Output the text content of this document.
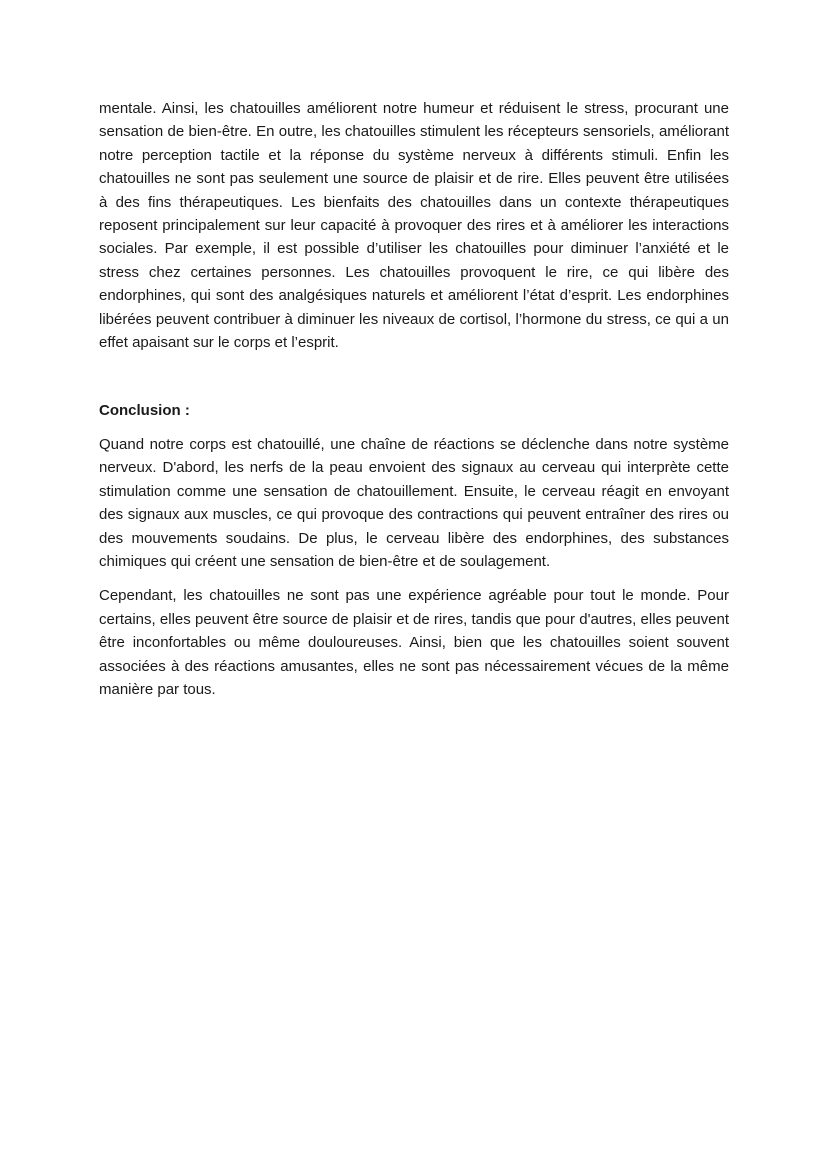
mentale. Ainsi, les chatouilles améliorent notre humeur et réduisent le stress, procurant une sensation de bien-être. En outre, les chatouilles stimulent les récepteurs sensoriels, améliorant notre perception tactile et la réponse du système nerveux à différents stimuli. Enfin les chatouilles ne sont pas seulement une source de plaisir et de rire. Elles peuvent être utilisées à des fins thérapeutiques. Les bienfaits des chatouilles dans un contexte thérapeutiques reposent principalement sur leur capacité à provoquer des rires et à améliorer les interactions sociales. Par exemple, il est possible d’utiliser les chatouilles pour diminuer l’anxiété et le stress chez certaines personnes. Les chatouilles provoquent le rire, ce qui libère des endorphines, qui sont des analgésiques naturels et améliorent l’état d’esprit. Les endorphines libérées peuvent contribuer à diminuer les niveaux de cortisol, l’hormone du stress, ce qui a un effet apaisant sur le corps et l’esprit.

Conclusion :

Quand notre corps est chatouillé, une chaîne de réactions se déclenche dans notre système nerveux. D'abord, les nerfs de la peau envoient des signaux au cerveau qui interprète cette stimulation comme une sensation de chatouillement. Ensuite, le cerveau réagit en envoyant des signaux aux muscles, ce qui provoque des contractions qui peuvent entraîner des rires ou des mouvements soudains. De plus, le cerveau libère des endorphines, des substances chimiques qui créent une sensation de bien-être et de soulagement.

Cependant, les chatouilles ne sont pas une expérience agréable pour tout le monde. Pour certains, elles peuvent être source de plaisir et de rires, tandis que pour d'autres, elles peuvent être inconfortables ou même douloureuses. Ainsi, bien que les chatouilles soient souvent associées à des réactions amusantes, elles ne sont pas nécessairement vécues de la même manière par tous.
